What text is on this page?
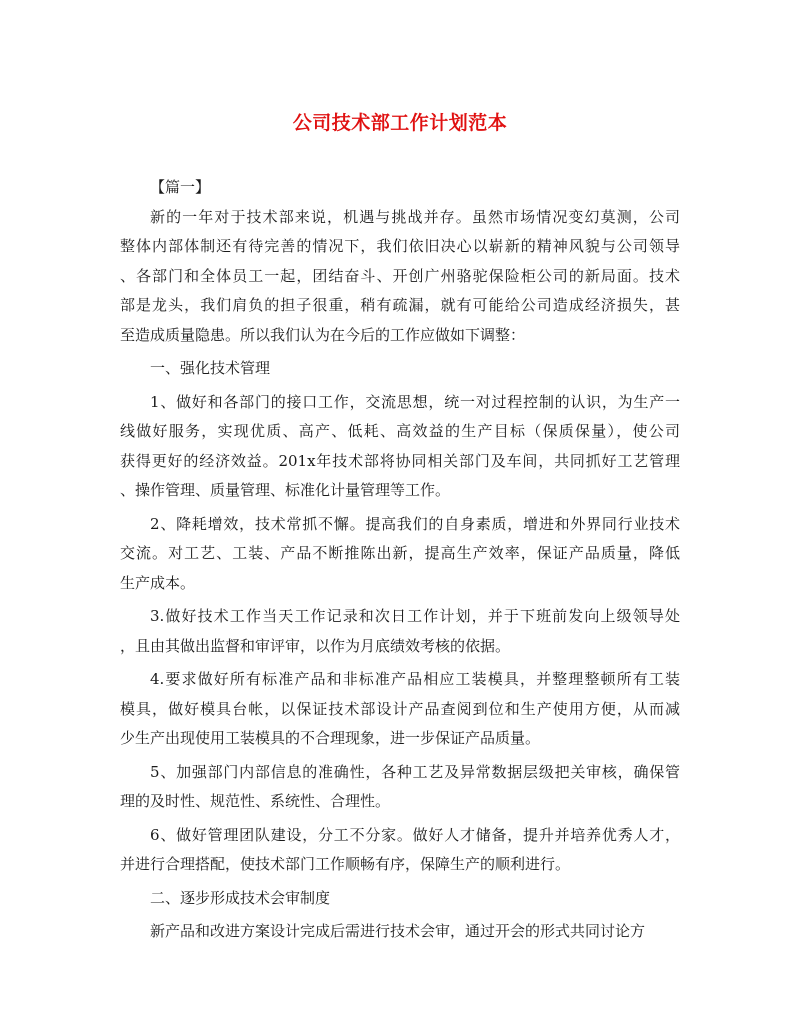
公司技术部工作计划范本
【篇一】
新的一年对于技术部来说，机遇与挑战并存。虽然市场情况变幻莫测，公司
整体内部体制还有待完善的情况下，我们依旧决心以崭新的精神风貌与公司领导
、各部门和全体员工一起，团结奋斗、开创广州骆驼保险柜公司的新局面。技术
部是龙头，我们肩负的担子很重，稍有疏漏，就有可能给公司造成经济损失，甚
至造成质量隐患。所以我们认为在今后的工作应做如下调整：
一、强化技术管理
1、做好和各部门的接口工作，交流思想，统一对过程控制的认识，为生产一
线做好服务，实现优质、高产、低耗、高效益的生产目标（保质保量），使公司
获得更好的经济效益。201x年技术部将协同相关部门及车间，共同抓好工艺管理
、操作管理、质量管理、标准化计量管理等工作。
2、降耗增效，技术常抓不懈。提高我们的自身素质，增进和外界同行业技术
交流。对工艺、工装、产品不断推陈出新，提高生产效率，保证产品质量，降低
生产成本。
3.做好技术工作当天工作记录和次日工作计划，并于下班前发向上级领导处
，且由其做出监督和审评审，以作为月底绩效考核的依据。
4.要求做好所有标准产品和非标准产品相应工装模具，并整理整顿所有工装
模具，做好模具台帐，以保证技术部设计产品查阅到位和生产使用方便，从而减
少生产出现使用工装模具的不合理现象，进一步保证产品质量。
5、加强部门内部信息的准确性，各种工艺及异常数据层级把关审核，确保管
理的及时性、规范性、系统性、合理性。
6、做好管理团队建设，分工不分家。做好人才储备，提升并培养优秀人才，
并进行合理搭配，使技术部门工作顺畅有序，保障生产的顺利进行。
二、逐步形成技术会审制度
新产品和改进方案设计完成后需进行技术会审，通过开会的形式共同讨论方
